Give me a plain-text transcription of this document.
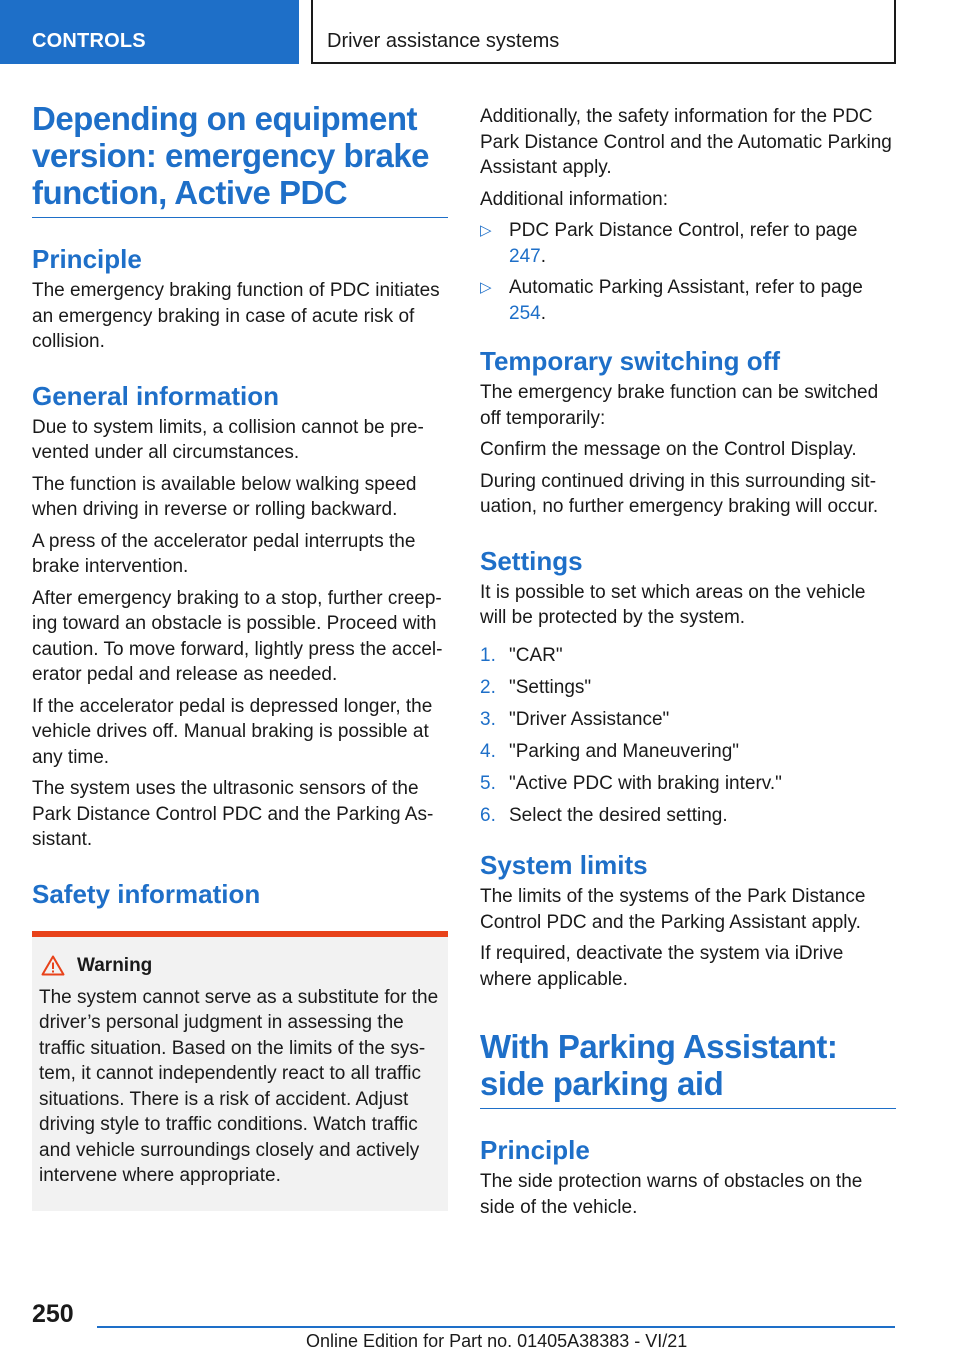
CONTROLS	Driver assistance systems
Depending on equipment version: emergency brake function, Active PDC
Principle

The emergency braking function of PDC initiates an emergency braking in case of acute risk of collision.

General information

Due to system limits, a collision cannot be pre‐vented under all circumstances.

The function is available below walking speed when driving in reverse or rolling backward.

A press of the accelerator pedal interrupts the brake intervention.

After emergency braking to a stop, further creep‐ing toward an obstacle is possible. Proceed with caution. To move forward, lightly press the accel‐erator pedal and release as needed.

If the accelerator pedal is depressed longer, the vehicle drives off. Manual braking is possible at any time.

The system uses the ultrasonic sensors of the Park Distance Control PDC and the Parking As‐sistant.

Safety information
Warning

The system cannot serve as a substitute for the driver’s personal judgment in assessing the traffic situation. Based on the limits of the sys‐tem, it cannot independently react to all traffic situations. There is a risk of accident. Adjust driving style to traffic conditions. Watch traffic and vehicle surroundings closely and actively intervene where appropriate.

Additionally, the safety information for the PDC Park Distance Control and the Automatic Parking Assistant apply.

Additional information:

▷ PDC Park Distance Control, refer to page 247.
▷ Automatic Parking Assistant, refer to page 254.
Temporary switching off

The emergency brake function can be switched off temporarily:

Confirm the message on the Control Display.

During continued driving in this surrounding sit‐uation, no further emergency braking will occur.

Settings

It is possible to set which areas on the vehicle will be protected by the system.

1. "CAR"
2. "Settings"
3. "Driver Assistance"
4. "Parking and Maneuvering"
5. "Active PDC with braking interv."
6. Select the desired setting.
System limits

The limits of the systems of the Park Distance Control PDC and the Parking Assistant apply.

If required, deactivate the system via iDrive where applicable.

With Parking Assistant: side parking aid
Principle

The side protection warns of obstacles on the side of the vehicle.

250
Online Edition for Part no. 01405A38383 - VI/21
